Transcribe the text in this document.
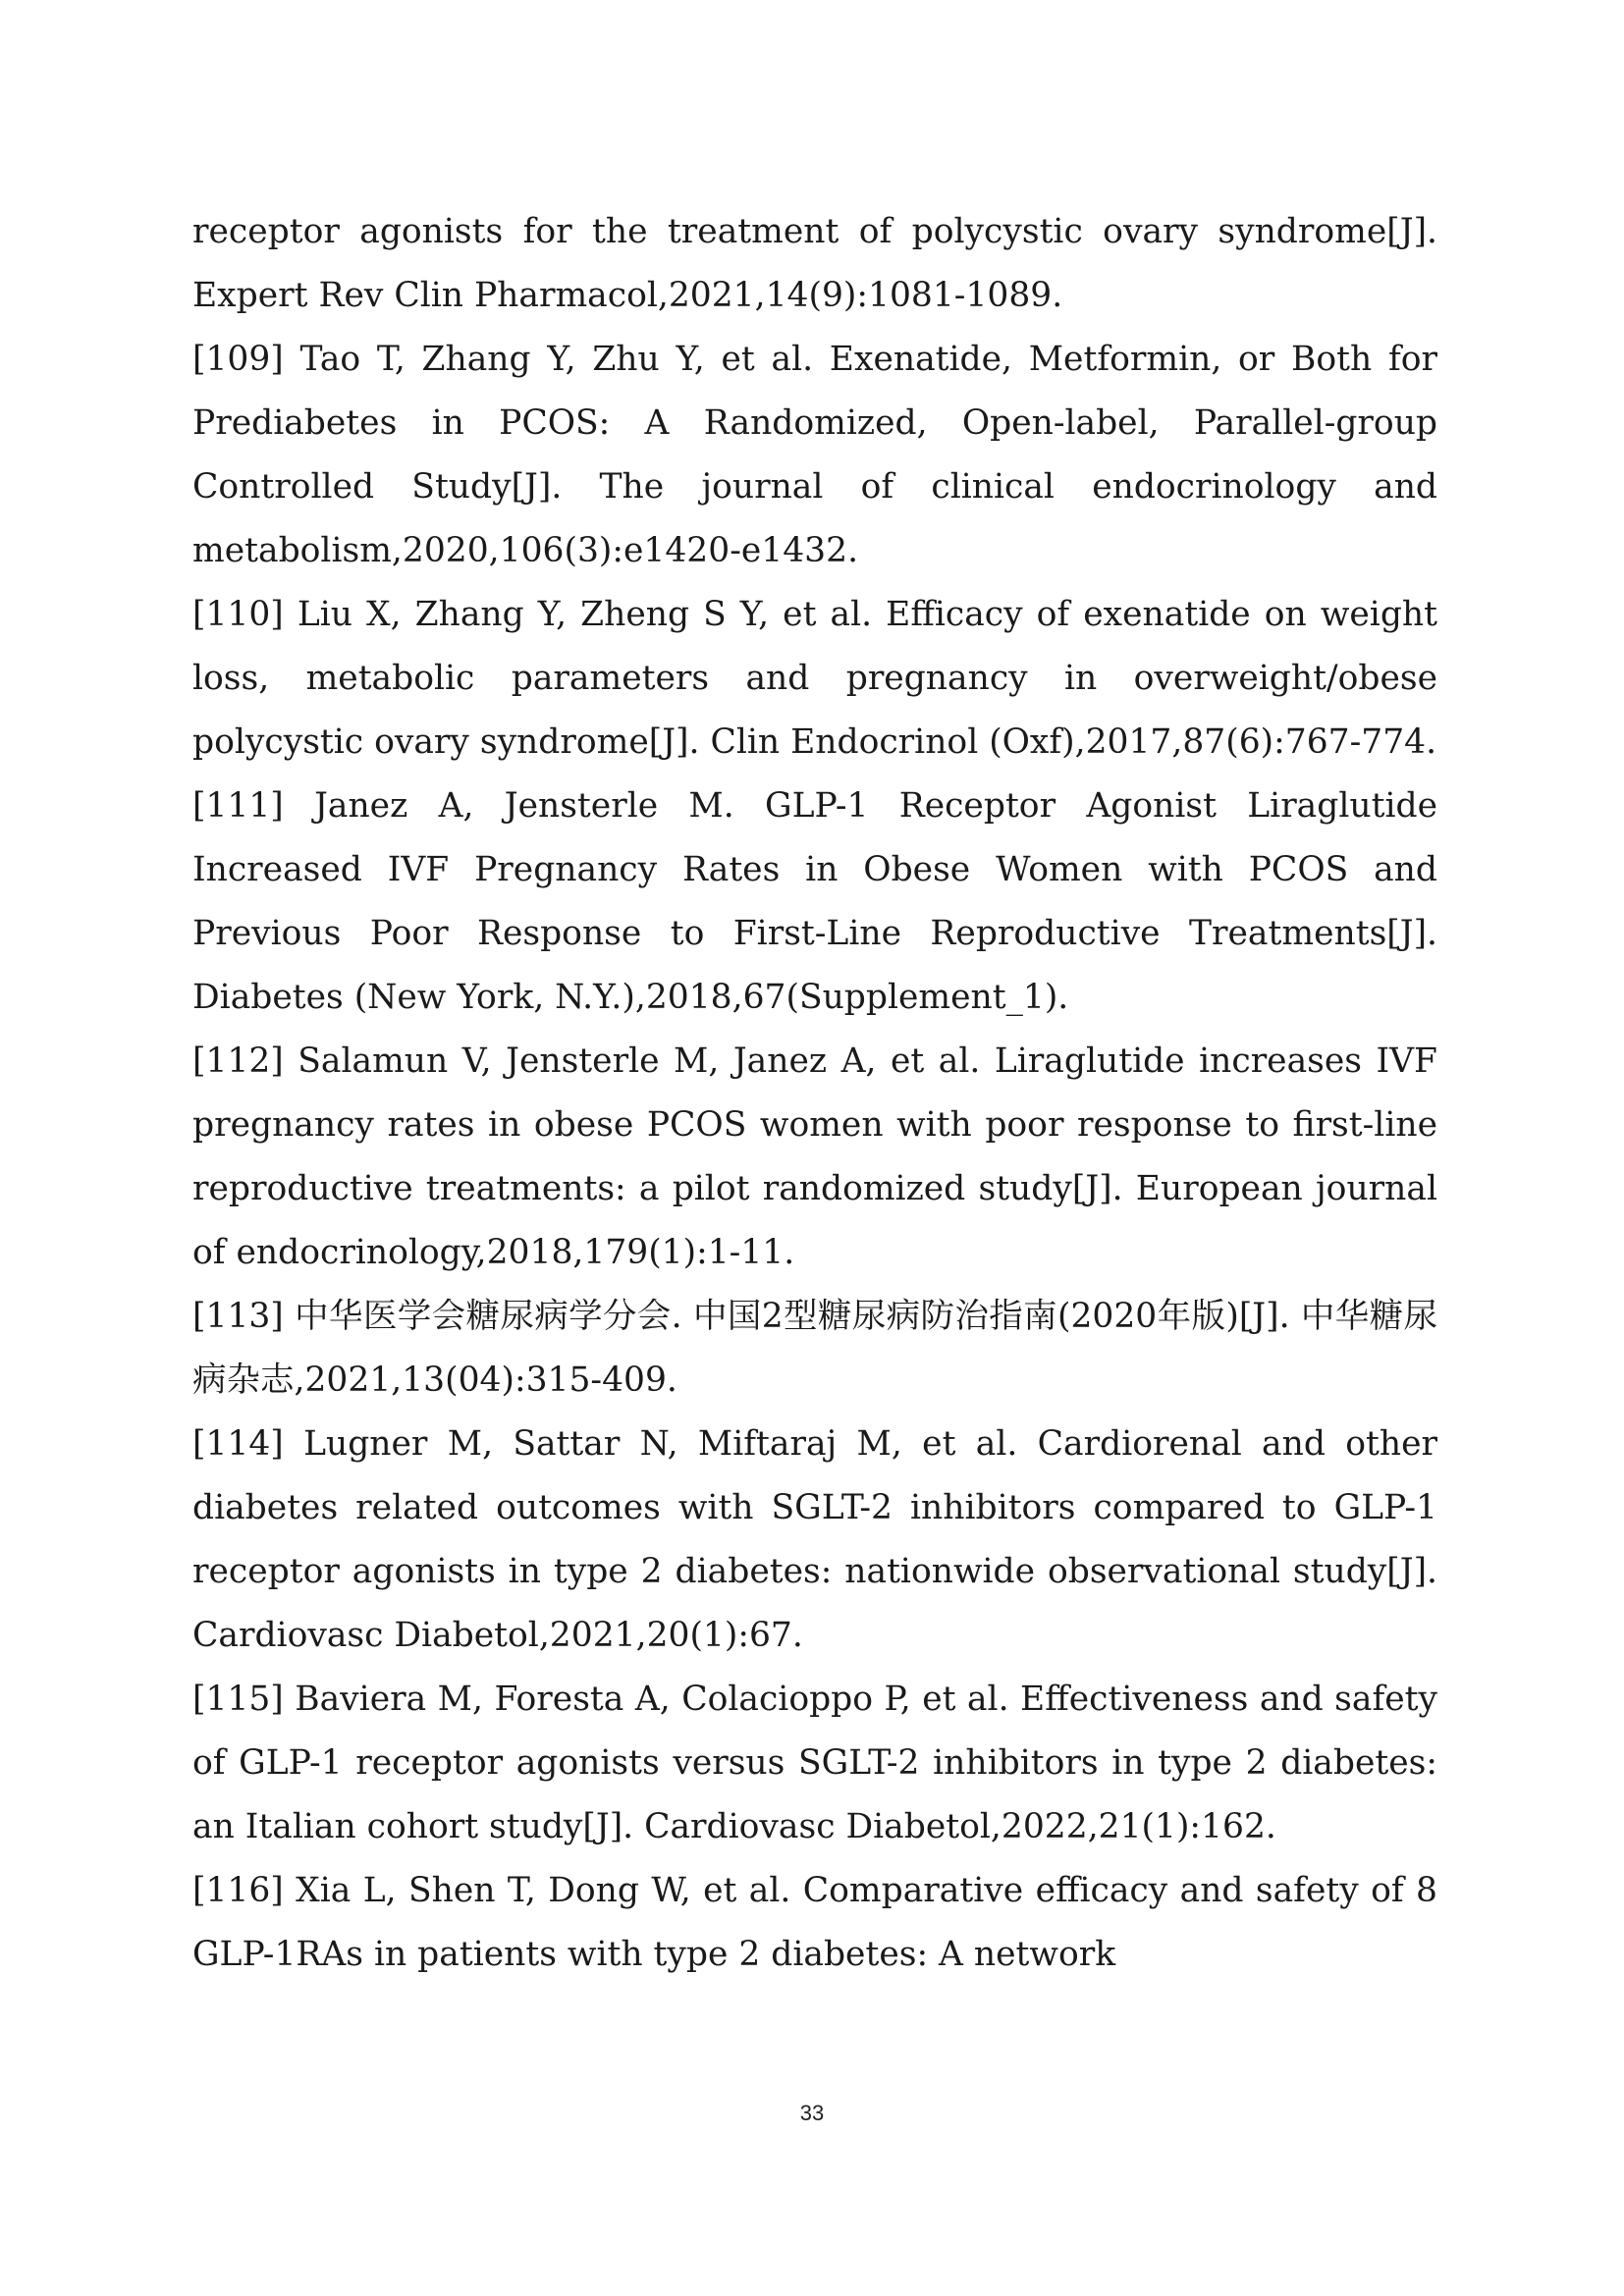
receptor agonists for the treatment of polycystic ovary syndrome[J]. Expert Rev Clin Pharmacol,2021,14(9):1081-1089.

[109] Tao T, Zhang Y, Zhu Y, et al. Exenatide, Metformin, or Both for Prediabetes in PCOS: A Randomized, Open-label, Parallel-group Controlled Study[J]. The journal of clinical endocrinology and metabolism,2020,106(3):e1420-e1432.

[110] Liu X, Zhang Y, Zheng S Y, et al. Efficacy of exenatide on weight loss, metabolic parameters and pregnancy in overweight/obese polycystic ovary syndrome[J]. Clin Endocrinol (Oxf),2017,87(6):767-774.

[111] Janez A, Jensterle M. GLP-1 Receptor Agonist Liraglutide Increased IVF Pregnancy Rates in Obese Women with PCOS and Previous Poor Response to First-Line Reproductive Treatments[J]. Diabetes (New York, N.Y.),2018,67(Supplement_1).

[112] Salamun V, Jensterle M, Janez A, et al. Liraglutide increases IVF pregnancy rates in obese PCOS women with poor response to first-line reproductive treatments: a pilot randomized study[J]. European journal of endocrinology,2018,179(1):1-11.

[113] 中华医学会糖尿病学分会. 中国2型糖尿病防治指南(2020年版)[J]. 中华糖尿病杂志,2021,13(04):315-409.

[114] Lugner M, Sattar N, Miftaraj M, et al. Cardiorenal and other diabetes related outcomes with SGLT-2 inhibitors compared to GLP-1 receptor agonists in type 2 diabetes: nationwide observational study[J]. Cardiovasc Diabetol,2021,20(1):67.

[115] Baviera M, Foresta A, Colacioppo P, et al. Effectiveness and safety of GLP-1 receptor agonists versus SGLT-2 inhibitors in type 2 diabetes: an Italian cohort study[J]. Cardiovasc Diabetol,2022,21(1):162.

[116] Xia L, Shen T, Dong W, et al. Comparative efficacy and safety of 8 GLP-1RAs in patients with type 2 diabetes: A network

33
